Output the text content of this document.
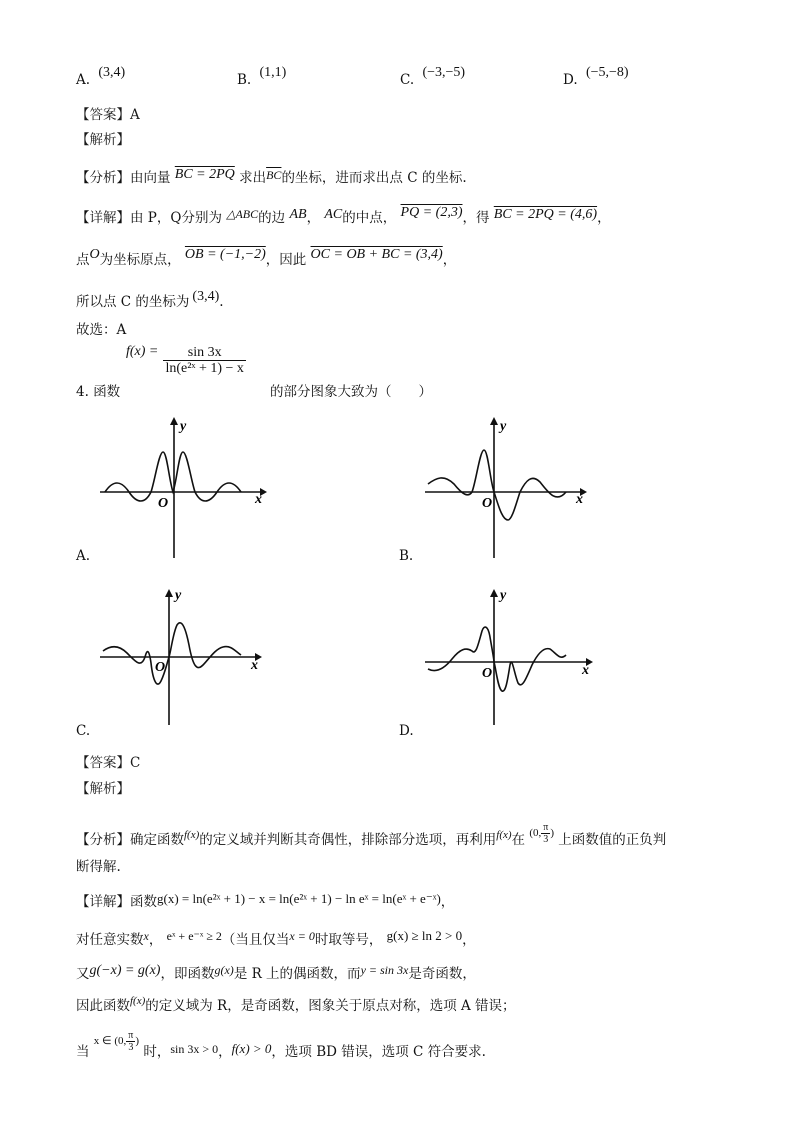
A. (3,4)	B. (1,1)	C. (−3,−5)	D. (−5,−8)
【答案】A
【解析】
【分析】由向量 BC = 2PQ 求出$\overline{BC}$的坐标，进而求出点 C 的坐标.
【详解】由 P，Q分别为 △ABC的边 AB， AC的中点， PQ = (2,3)，得 BC = 2PQ = (4,6)，
点O为坐标原点， OB = (−1,−2)，因此 OC = OB + BC = (3,4)，
所以点 C 的坐标为 (3,4).
故选：A
4. 函数
$f(x) = \frac{\sin 3x}{\text{ln(e²ˣ + 1) − x}}$
的部分图象大致为（　　）
O
y
x
A.
O
y
x
B.
O
y
x
C.
O
y
x
D.
【答案】C
【解析】
【分析】确定函数$^{f(x)}$的定义域并判断其奇偶性，排除部分选项，再利用$^{f(x)}$在 $^{(0, \frac{\pi}{3} )}$ 上函数值的正负判
断得解.
【详解】函数g(x) = ln(e²ˣ + 1) − x = ln(e²ˣ + 1) − ln eˣ = ln(eˣ + e⁻ˣ)，
对任意实数x， eˣ + e⁻ˣ ≥ 2（当且仅当x = 0时取等号， g(x) ≥ ln 2 > 0，
又g(−x) = g(x)，即函数g(x)是 R 上的偶函数，而y = sin 3x是奇函数，
因此函数$^{f(x)}$的定义域为 R，是奇函数，图象关于原点对称，选项 A 错误；
当 $^{x \in (0, \frac{\pi}{3} )}$ 时，sin 3x > 0，f(x) > 0，选项 BD 错误，选项 C 符合要求.
